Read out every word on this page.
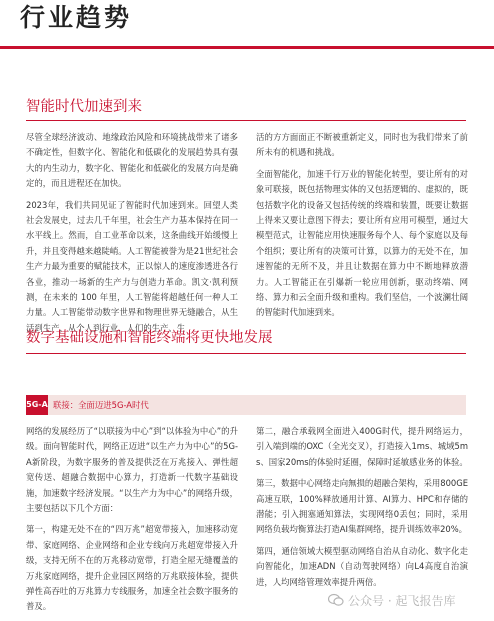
行业趋势
智能时代加速到来

尽管全球经济波动、地缘政治风险和环境挑战带来了诸多不确定性，但数字化、智能化和低碳化的发展趋势具有强大的内生动力，数字化、智能化和低碳化的发展方向是确定的，而且进程还在加快。

2023年，我们共同见证了智能时代加速到来。回望人类社会发展史，过去几千年里，社会生产力基本保持在同一水平线上。然而，自工业革命以来，这条曲线开始缓慢上升，并且变得越来越陡峭。人工智能被誉为是21世纪社会生产力最为重要的赋能技术，正以惊人的速度渗透进各行各业，推动一场新的生产力与创造力革命。凯文·凯利预测，在未来的 100 年里，人工智能将超越任何一种人工力量。人工智能带动数字世界和物理世界无缝融合，从生活到生产，从个人到行业，人们的生产、生

活的方方面面正不断被重新定义，同时也为我们带来了前所未有的机遇和挑战。

全面智能化，加速千行万业的智能化转型，要让所有的对象可联接，既包括物理实体的又包括逻辑的、虚拟的，既包括数字化的设备又包括传统的终端和装置，既要让数据上得来又要让意图下得去；要让所有应用可模型，通过大模型范式，让智能应用快速服务每个人、每个家庭以及每个组织；要让所有的决策可计算，以算力的无处不在，加速智能的无所不及，并且让数据在算力中不断地释放潜力。人工智能正在引爆新一轮应用创新，驱动终端、网络、算力和云全面升级和重构。我们坚信，一个波澜壮阔的智能时代加速到来。

数字基础设施和智能终端将更快地发展
5G-A 联接：全面迈进5G-A时代

网络的发展经历了“以联接为中心”到“以体验为中心”的升级。面向智能时代，网络正迈进“以生产力为中心”的5G-A新阶段，为数字服务的普及提供泛在万兆接入、弹性超宽传送、超融合数据中心算力，打造新一代数字基础设施，加速数字经济发展。“以生产力为中心”的网络升级，主要包括以下几个方面：

第一，构建无处不在的“四万兆”超宽带接入，加速移动宽带、家庭网络、企业网络和企业专线向万兆超宽带接入升级，支持无所不在的万兆移动宽带，打造全屋无缝覆盖的万兆家庭网络，提升企业园区网络的万兆联接体验，提供弹性高吞吐的万兆算力专线服务，加速全社会数字服务的普及。

第二，融合承载网全面进入400G时代，提升网络运力，引入端到端的OXC（全光交叉），打造接入1ms、城域5ms、国家20ms的体验时延圈，保障时延敏感业务的体验。

第三，数据中心网络走向無损的超融合架构，采用800GE高速互联，100%释放通用计算、AI算力、HPC和存储的潜能；引入拥塞通知算法，实现网络0丢包；同时，采用网络负载均衡算法打造AI集群网络，提升训练效率20%。

第四，通信领域大模型驱动网络自治从自动化、数字化走向智能化，加速ADN（自动驾驶网络）向L4高度自治演进，人均网络管理效率提升两倍。

公众号 · 起飞报告库
